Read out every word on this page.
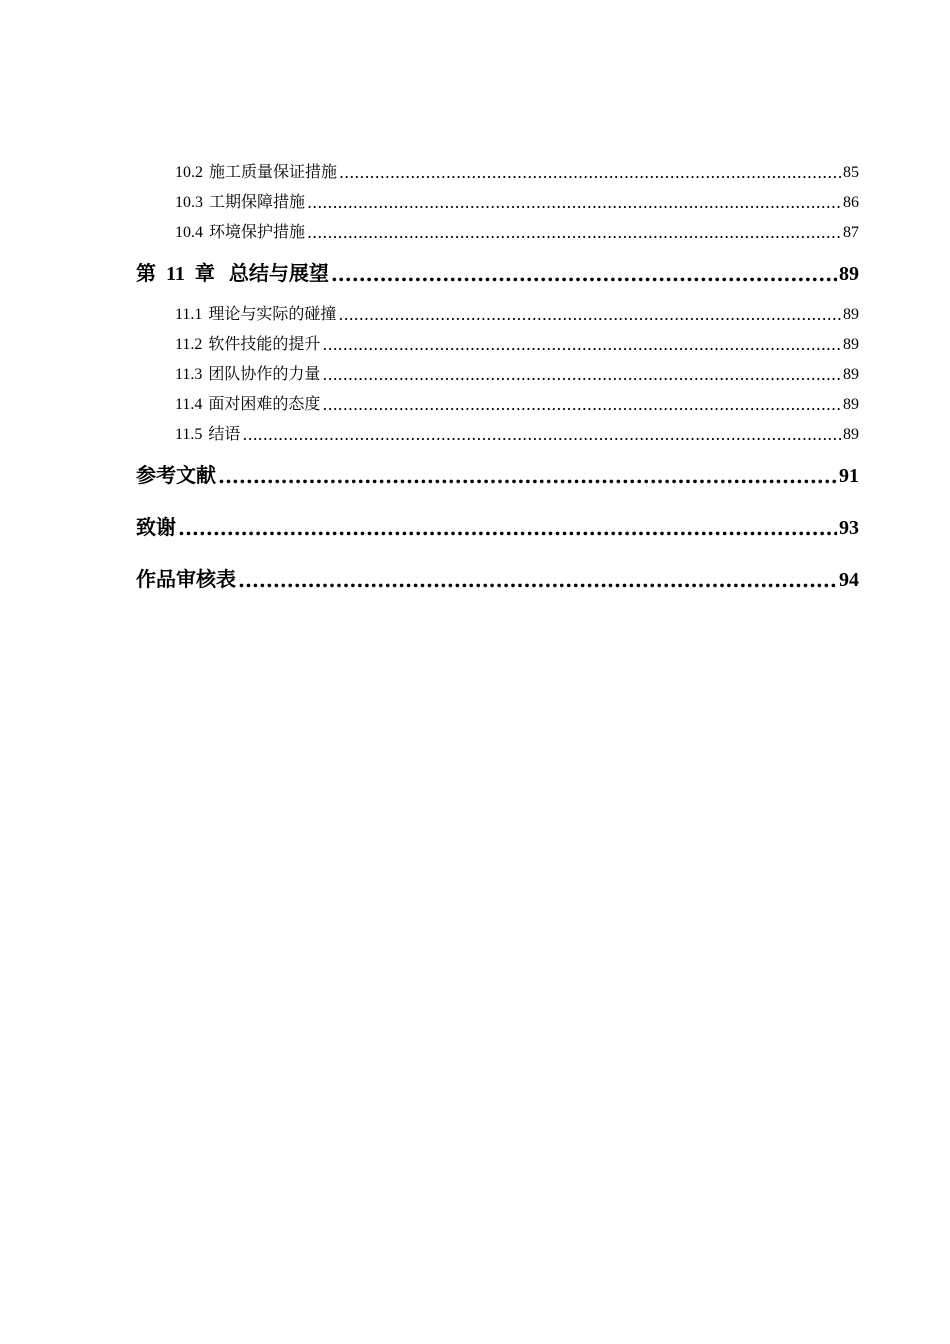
10.2 施工质量保证措施 .....	85
10.3 工期保障措施 .....	86
10.4 环境保护措施 .....	87
第 11 章 总结与展望 .....	89
11.1 理论与实际的碰撞 .....	89
11.2 软件技能的提升 .....	89
11.3 团队协作的力量 .....	89
11.4 面对困难的态度 .....	89
11.5 结语 .....	89
参考文献 .....	91
致谢 .....	93
作品审核表 .....	94
